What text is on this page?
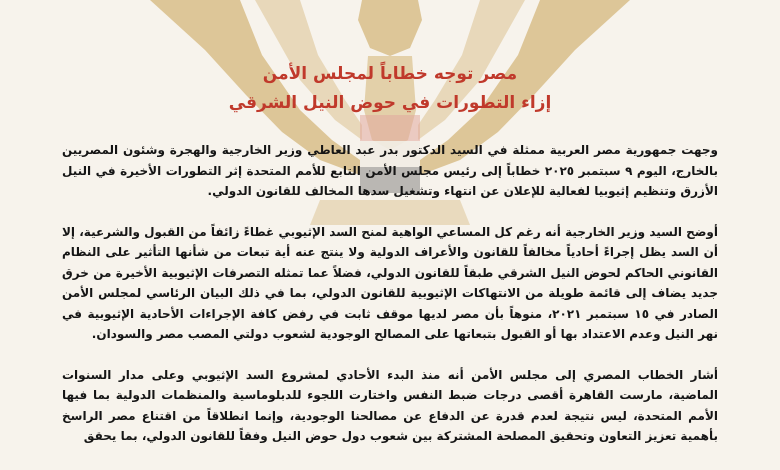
مصر توجه خطاباً لمجلس الأمن
إزاء التطورات في حوض النيل الشرقي

وجهت جمهورية مصر العربية ممثلة في السيد الدكتور بدر عبد العاطي وزير الخارجية والهجرة وشئون المصريين بالخارج، اليوم ٩ سبتمبر ٢٠٢٥ خطاباً إلى رئيس مجلس الأمن التابع للأمم المتحدة إثر التطورات الأخيرة في النيل الأزرق وتنظيم إثيوبيا لفعالية للإعلان عن انتهاء وتشغيل سدها المخالف للقانون الدولي.

أوضح السيد وزير الخارجية أنه رغم كل المساعي الواهية لمنح السد الإثيوبي غطاءً زائفاً من القبول والشرعية، إلا أن السد يظل إجراءً أحادياً مخالفاً للقانون والأعراف الدولية ولا ينتج عنه أية تبعات من شأنها التأثير على النظام القانوني الحاكم لحوض النيل الشرقي طبقاً للقانون الدولي، فضلاً عما تمثله التصرفات الإثيوبية الأخيرة من خرق جديد يضاف إلى قائمة طويلة من الانتهاكات الإثيوبية للقانون الدولي، بما في ذلك البيان الرئاسي لمجلس الأمن الصادر في ١٥ سبتمبر ٢٠٢١، منوهاً بأن مصر لديها موقف ثابت في رفض كافة الإجراءات الأحادية الإثيوبية في نهر النيل وعدم الاعتداد بها أو القبول بتبعاتها على المصالح الوجودية لشعوب دولتي المصب مصر والسودان.

أشار الخطاب المصري إلى مجلس الأمن أنه منذ البدء الأحادي لمشروع السد الإثيوبي وعلى مدار السنوات الماضية، مارست القاهرة أقصى درجات ضبط النفس واختارت اللجوء للدبلوماسية والمنظمات الدولية بما فيها الأمم المتحدة، ليس نتيجة لعدم قدرة عن الدفاع عن مصالحنا الوجودية، وإنما انطلاقاً من اقتناع مصر الراسخ بأهمية تعزيز التعاون وتحقيق المصلحة المشتركة بين شعوب دول حوض النيل وفقاً للقانون الدولي، بما يحقق
